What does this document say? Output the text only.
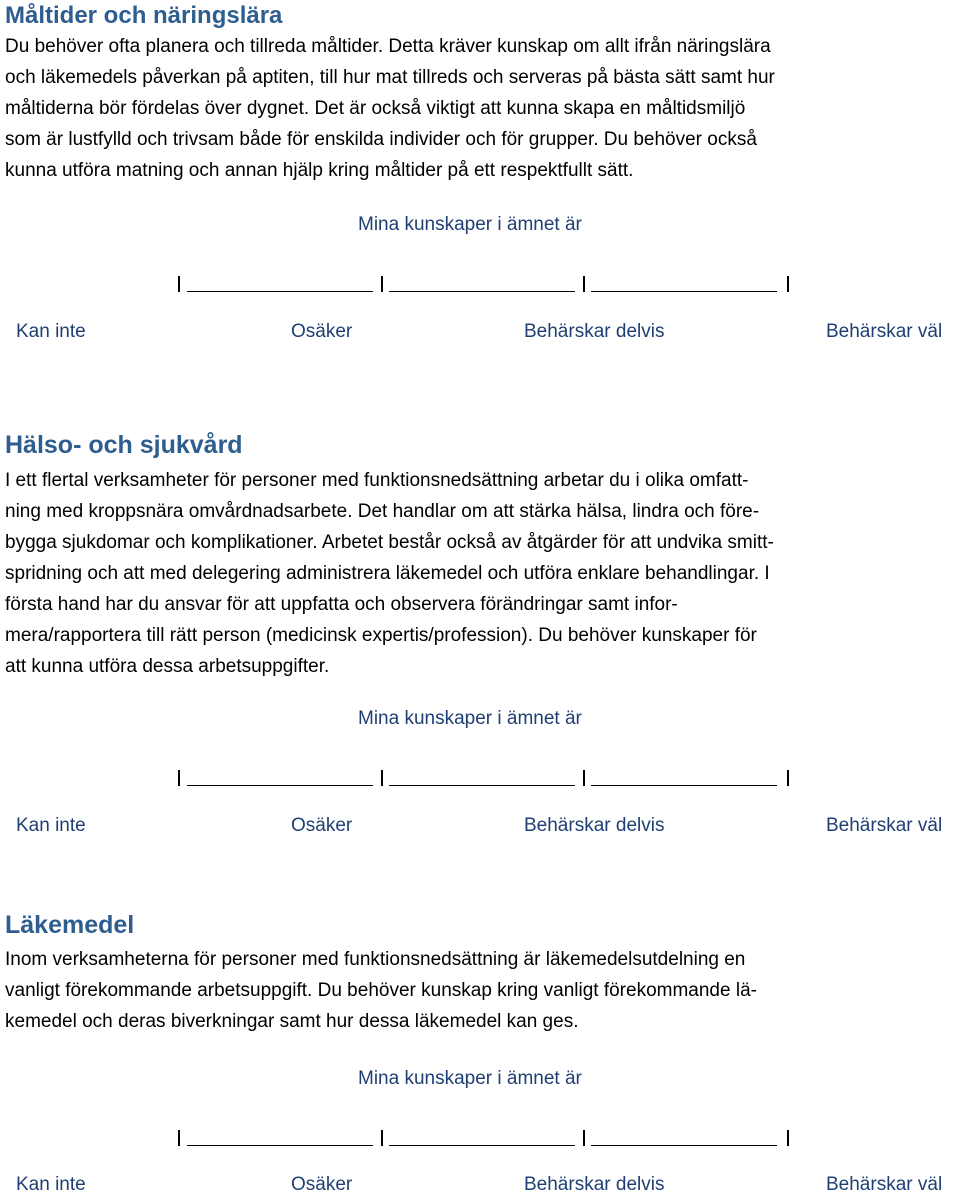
Måltider och näringslära
Du behöver ofta planera och tillreda måltider. Detta kräver kunskap om allt ifrån näringslära
och läkemedels påverkan på aptiten, till hur mat tillreds och serveras på bästa sätt samt hur
måltiderna bör fördelas över dygnet. Det är också viktigt att kunna skapa en måltidsmiljö
som är lustfylld och trivsam både för enskilda individer och för grupper. Du behöver också
kunna utföra matning och annan hjälp kring måltider på ett respektfullt sätt.
Mina kunskaper i ämnet är
Kan inte	Osäker	Behärskar delvis	Behärskar väl
Hälso- och sjukvård
I ett flertal verksamheter för personer med funktionsnedsättning arbetar du i olika omfatt-
ning med kroppsnära omvårdnadsarbete. Det handlar om att stärka hälsa, lindra och före-
bygga sjukdomar och komplikationer. Arbetet består också av åtgärder för att undvika smitt-
spridning och att med delegering administrera läkemedel och utföra enklare behandlingar. I
första hand har du ansvar för att uppfatta och observera förändringar samt infor-
mera/rapportera till rätt person (medicinsk expertis/profession). Du behöver kunskaper för
att kunna utföra dessa arbetsuppgifter.
Mina kunskaper i ämnet är
Kan inte	Osäker	Behärskar delvis	Behärskar väl
Läkemedel
Inom verksamheterna för personer med funktionsnedsättning är läkemedelsutdelning en
vanligt förekommande arbetsuppgift. Du behöver kunskap kring vanligt förekommande lä-
kemedel och deras biverkningar samt hur dessa läkemedel kan ges.
Mina kunskaper i ämnet är
Kan inte	Osäker	Behärskar delvis	Behärskar väl
